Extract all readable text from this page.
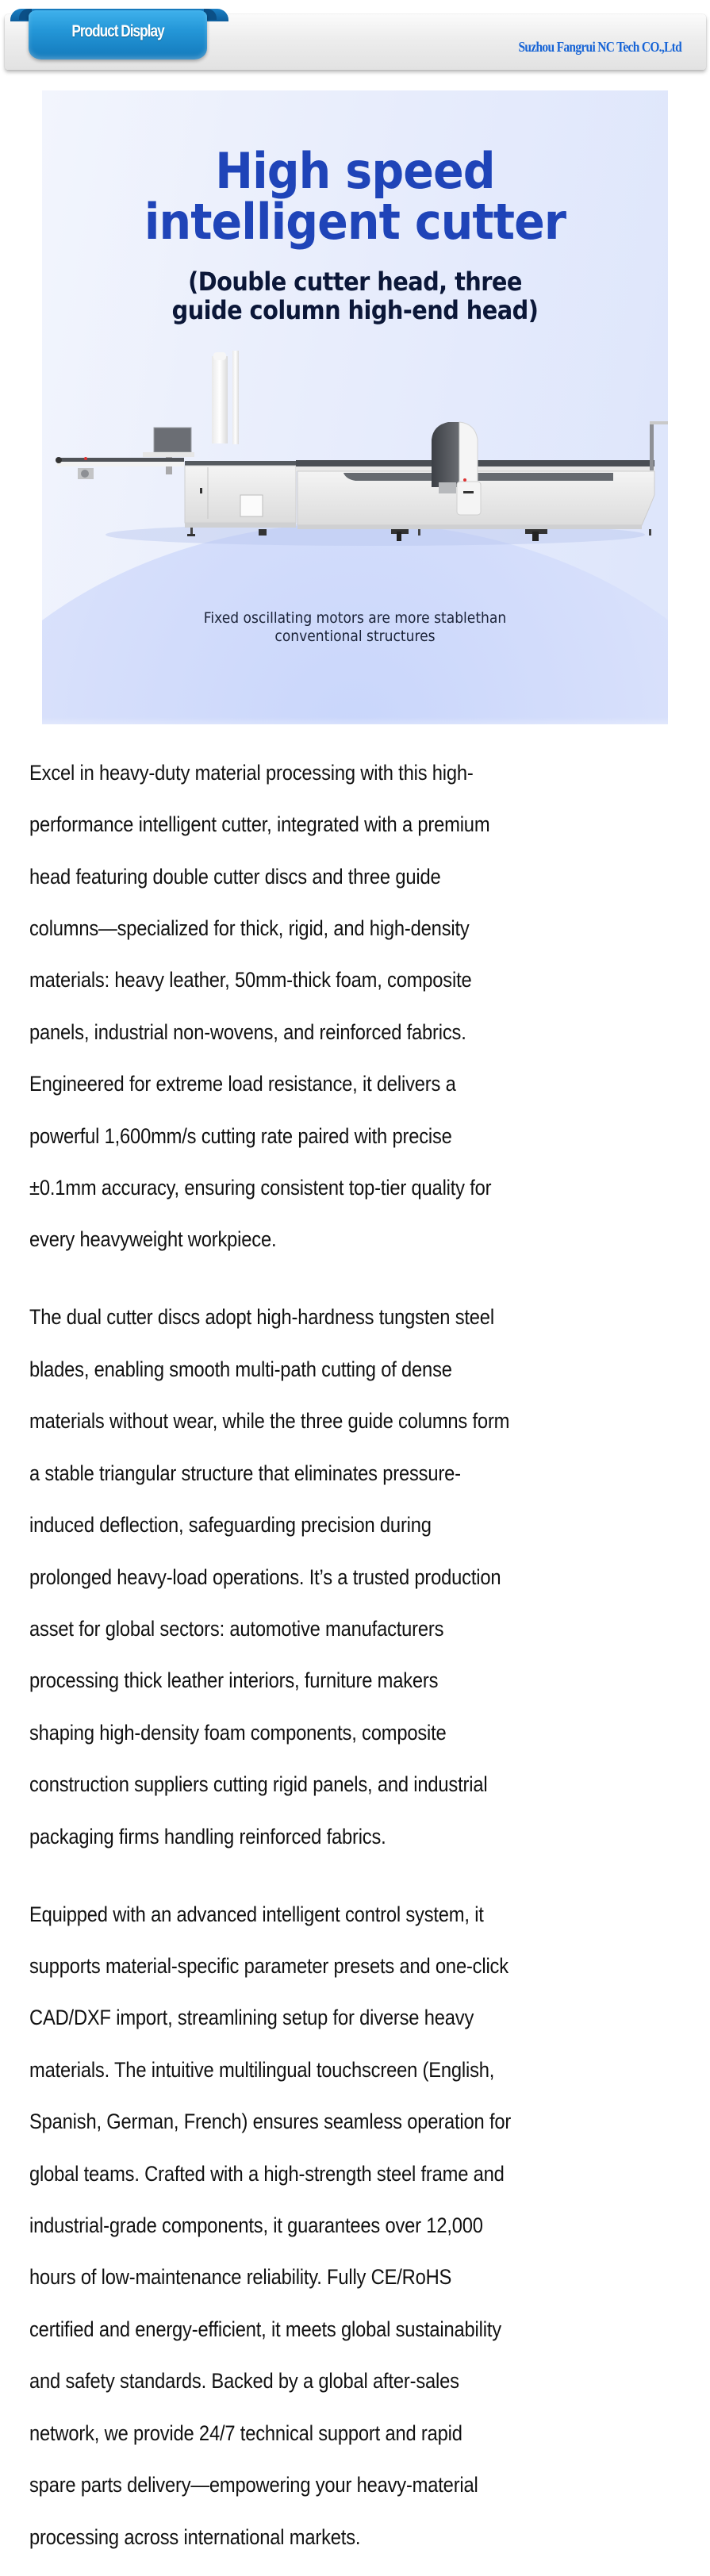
Product Display
Suzhou Fangrui NC Tech CO.,Ltd
High speed
intelligent cutter
(Double cutter head, three
guide column high-end head)
Fixed oscillating motors are more stablethan
conventional structures

Excel in heavy-duty material processing with this high-

performance intelligent cutter, integrated with a premium

head featuring double cutter discs and three guide

columns—specialized for thick, rigid, and high-density

materials: heavy leather, 50mm-thick foam, composite

panels, industrial non-wovens, and reinforced fabrics.

Engineered for extreme load resistance, it delivers a

powerful 1,600mm/s cutting rate paired with precise

±0.1mm accuracy, ensuring consistent top-tier quality for

every heavyweight workpiece.

The dual cutter discs adopt high-hardness tungsten steel

blades, enabling smooth multi-path cutting of dense

materials without wear, while the three guide columns form

a stable triangular structure that eliminates pressure-

induced deflection, safeguarding precision during

prolonged heavy-load operations. It’s a trusted production

asset for global sectors: automotive manufacturers

processing thick leather interiors, furniture makers

shaping high-density foam components, composite

construction suppliers cutting rigid panels, and industrial

packaging firms handling reinforced fabrics.

Equipped with an advanced intelligent control system, it

supports material-specific parameter presets and one-click

CAD/DXF import, streamlining setup for diverse heavy

materials. The intuitive multilingual touchscreen (English,

Spanish, German, French) ensures seamless operation for

global teams. Crafted with a high-strength steel frame and

industrial-grade components, it guarantees over 12,000

hours of low-maintenance reliability. Fully CE/RoHS

certified and energy-efficient, it meets global sustainability

and safety standards. Backed by a global after-sales

network, we provide 24/7 technical support and rapid

spare parts delivery—empowering your heavy-material

processing across international markets.
